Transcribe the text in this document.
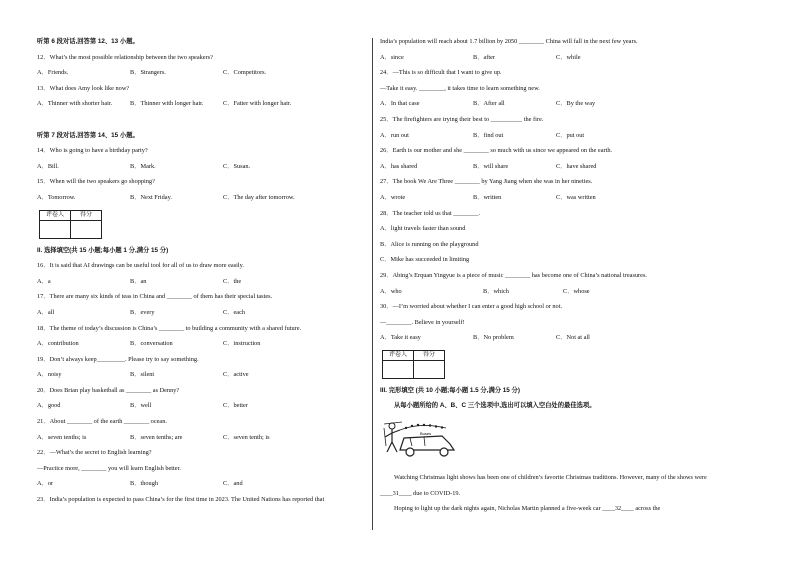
听第 6 段对话,回答第 12、13 小题。
12．What’s the most possible relationship between the two speakers?
A．Friends.	B．Strangers.	C．Competitors.
13．What does Amy look like now?
A．Thinner with shorter hair.	B．Thinner with longer hair.	C．Fatter with longer hair.
听第 7 段对话,回答第 14、15 小题。
14．Who is going to have a birthday party?
A．Bill.	B．Mark.	C．Susan.
15．When will the two speakers go shopping?
A．Tomorrow.	B．Next Friday.	C．The day after tomorrow.
评卷人	得分

II. 选择填空(共 15 小题;每小题 1 分,满分 15 分)
16．It is said that AI drawings can be useful tool for all of us to draw more easily.
A．a	B．an	C．the
17．There are many six kinds of teas in China and ________ of them has their special tastes.
A．all	B．every	C．each
18．The theme of today’s discussion is China’s ________ to building a community with a shared future.
A．contribution	B．conversation	C．instruction
19．Don’t always keep_________. Please try to say something.
A．noisy	B．silent	C．active
20．Does Brian play basketball as ________ as Denny?
A．good	B．well	C．better
21．About ________ of the earth ________ ocean.
A．seven tenths; is	B．seven tenths; are	C．seven tenth; is
22．—What’s the secret to English learning?
—Practice more, ________ you will learn English better.
A．or	B．though	C．and
23．India’s population is expected to pass China’s for the first time in 2023. The United Nations has reported that
India’s population will reach about 1.7 billion by 2050 ________ China will fall in the next few years.
A．since	B．after	C．while
24．—This is so difficult that I want to give up.
—Take it easy. ________, it takes time to learn something new.
A．In that case	B．After all	C．By the way
25．The firefighters are trying their best to __________ the fire.
A．run out	B．find out	C．put out
26．Earth is our mother and she ________ so much with us since we appeared on the earth.
A．has shared	B．will share	C．have shared
27．The book We Are Three ________ by Yang Jiang when she was in her nineties.
A．wrote	B．written	C．was written
28．The teacher told us that ________.
A．light travels faster than sound
B．Alice is running on the playground
C．Mike has succeeded in limiting
29．Abing’s Erquan Yingyue is a piece of music ________ has become one of China’s national treasures.
A．who	B．which	C．whose
30．—I’m worried about whether I can enter a good high school or not.
—________. Believe in yourself!
A．Take it easy	B．No problem	C．Not at all
评卷人	得分

III. 完形填空 (共 10 小题;每小题 1.5 分,满分 15 分)
从每小题所给的 A、B、C 三个选项中,选出可以填入空白处的最佳选项。
Buses
Watching Christmas light shows has been one of children’s favorite Christmas traditions. However, many of the shows were ____31____ due to COVID-19.
Hoping to light up the dark nights again, Nicholas Martin planned a five-week car ____32____ across the
